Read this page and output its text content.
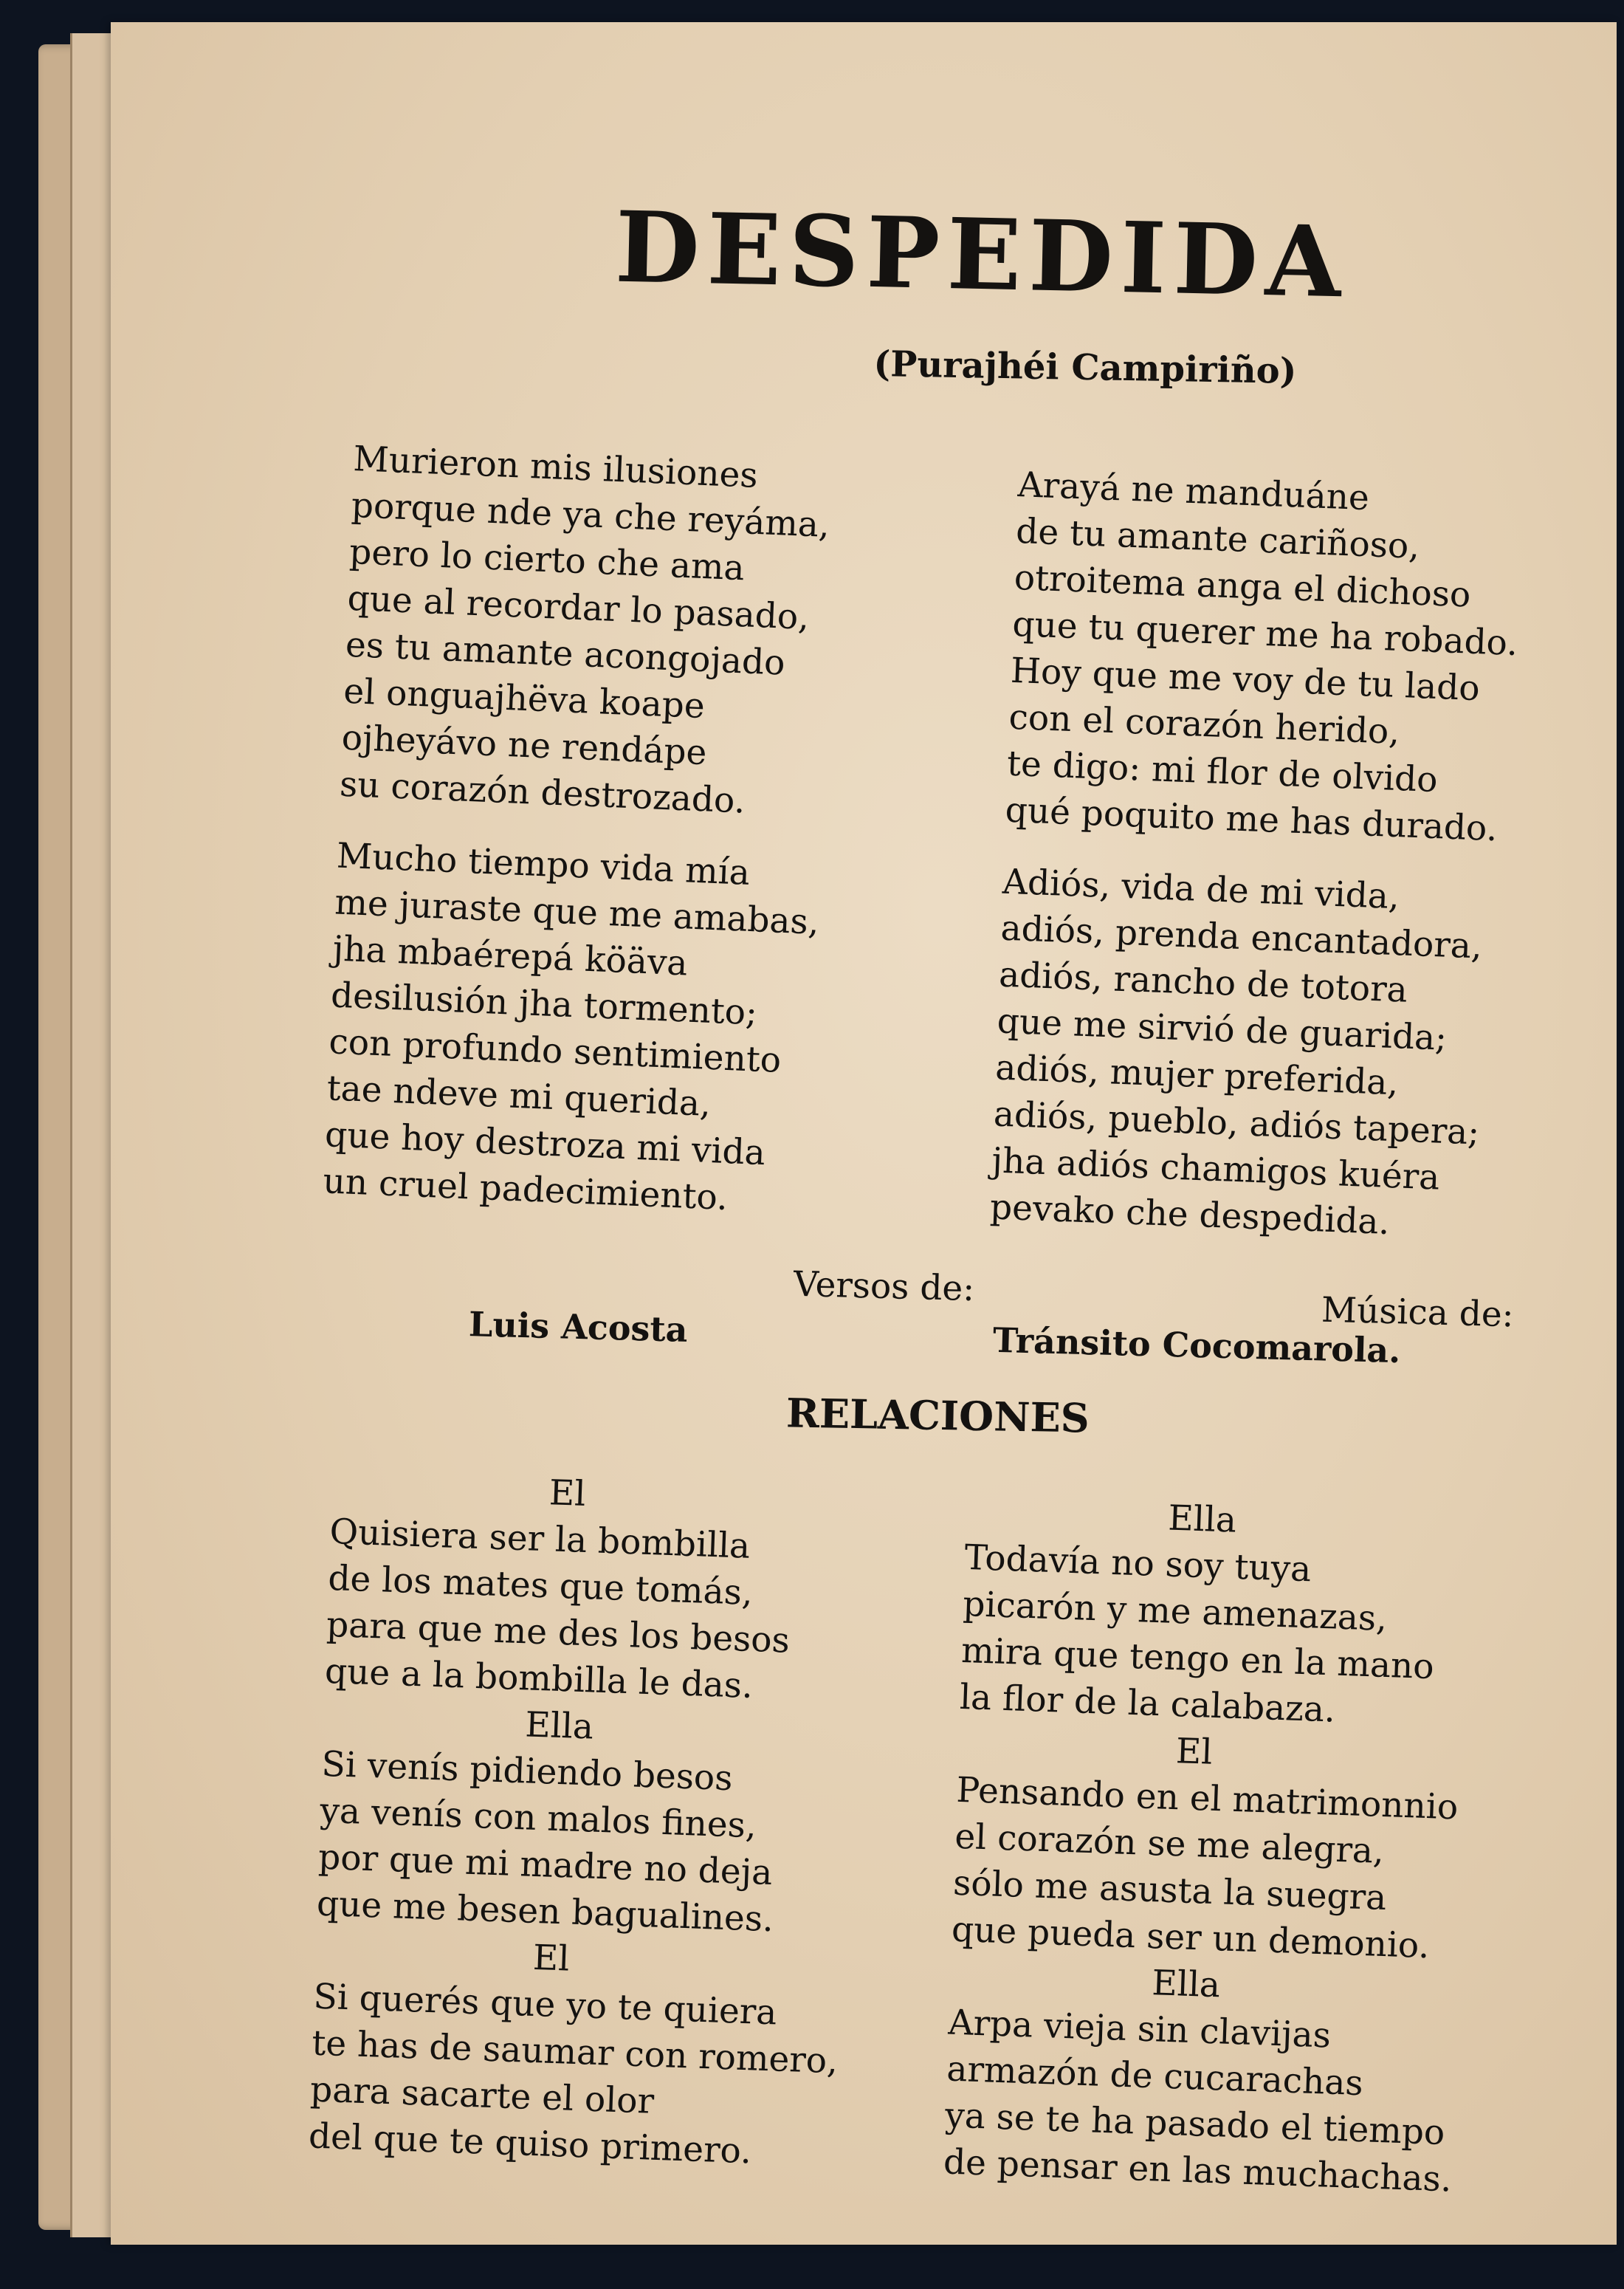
DESPEDIDA
(Purajhéi Campiriño)
Murieron mis ilusiones
porque nde ya che reyáma,
pero lo cierto che ama
que al recordar lo pasado,
es tu amante acongojado
el onguajhëva koape
ojheyávo ne rendápe
su corazón destrozado.
Mucho tiempo vida mía
me juraste que me amabas,
jha mbaérepá köäva
desilusión jha tormento;
con profundo sentimiento
tae ndeve mi querida,
que hoy destroza mi vida
un cruel padecimiento.
Arayá ne manduáne
de tu amante cariñoso,
otroitema anga el dichoso
que tu querer me ha robado.
Hoy que me voy de tu lado
con el corazón herido,
te digo: mi flor de olvido
qué poquito me has durado.
Adiós, vida de mi vida,
adiós, prenda encantadora,
adiós, rancho de totora
que me sirvió de guarida;
adiós, mujer preferida,
adiós, pueblo, adiós tapera;
jha adiós chamigos kuéra
pevako che despedida.
Versos de:
Música de:
Luis Acosta	Tránsito Cocomarola.
RELACIONES
El
Quisiera ser la bombilla
de los mates que tomás,
para que me des los besos
que a la bombilla le das.
Ella
Si venís pidiendo besos
ya venís con malos fines,
por que mi madre no deja
que me besen bagualines.
El
Si querés que yo te quiera
te has de saumar con romero,
para sacarte el olor
del que te quiso primero.
Ella
Todavía no soy tuya
picarón y me amenazas,
mira que tengo en la mano
la flor de la calabaza.
El
Pensando en el matrimonnio
el corazón se me alegra,
sólo me asusta la suegra
que pueda ser un demonio.
Ella
Arpa vieja sin clavijas
armazón de cucarachas
ya se te ha pasado el tiempo
de pensar en las muchachas.
